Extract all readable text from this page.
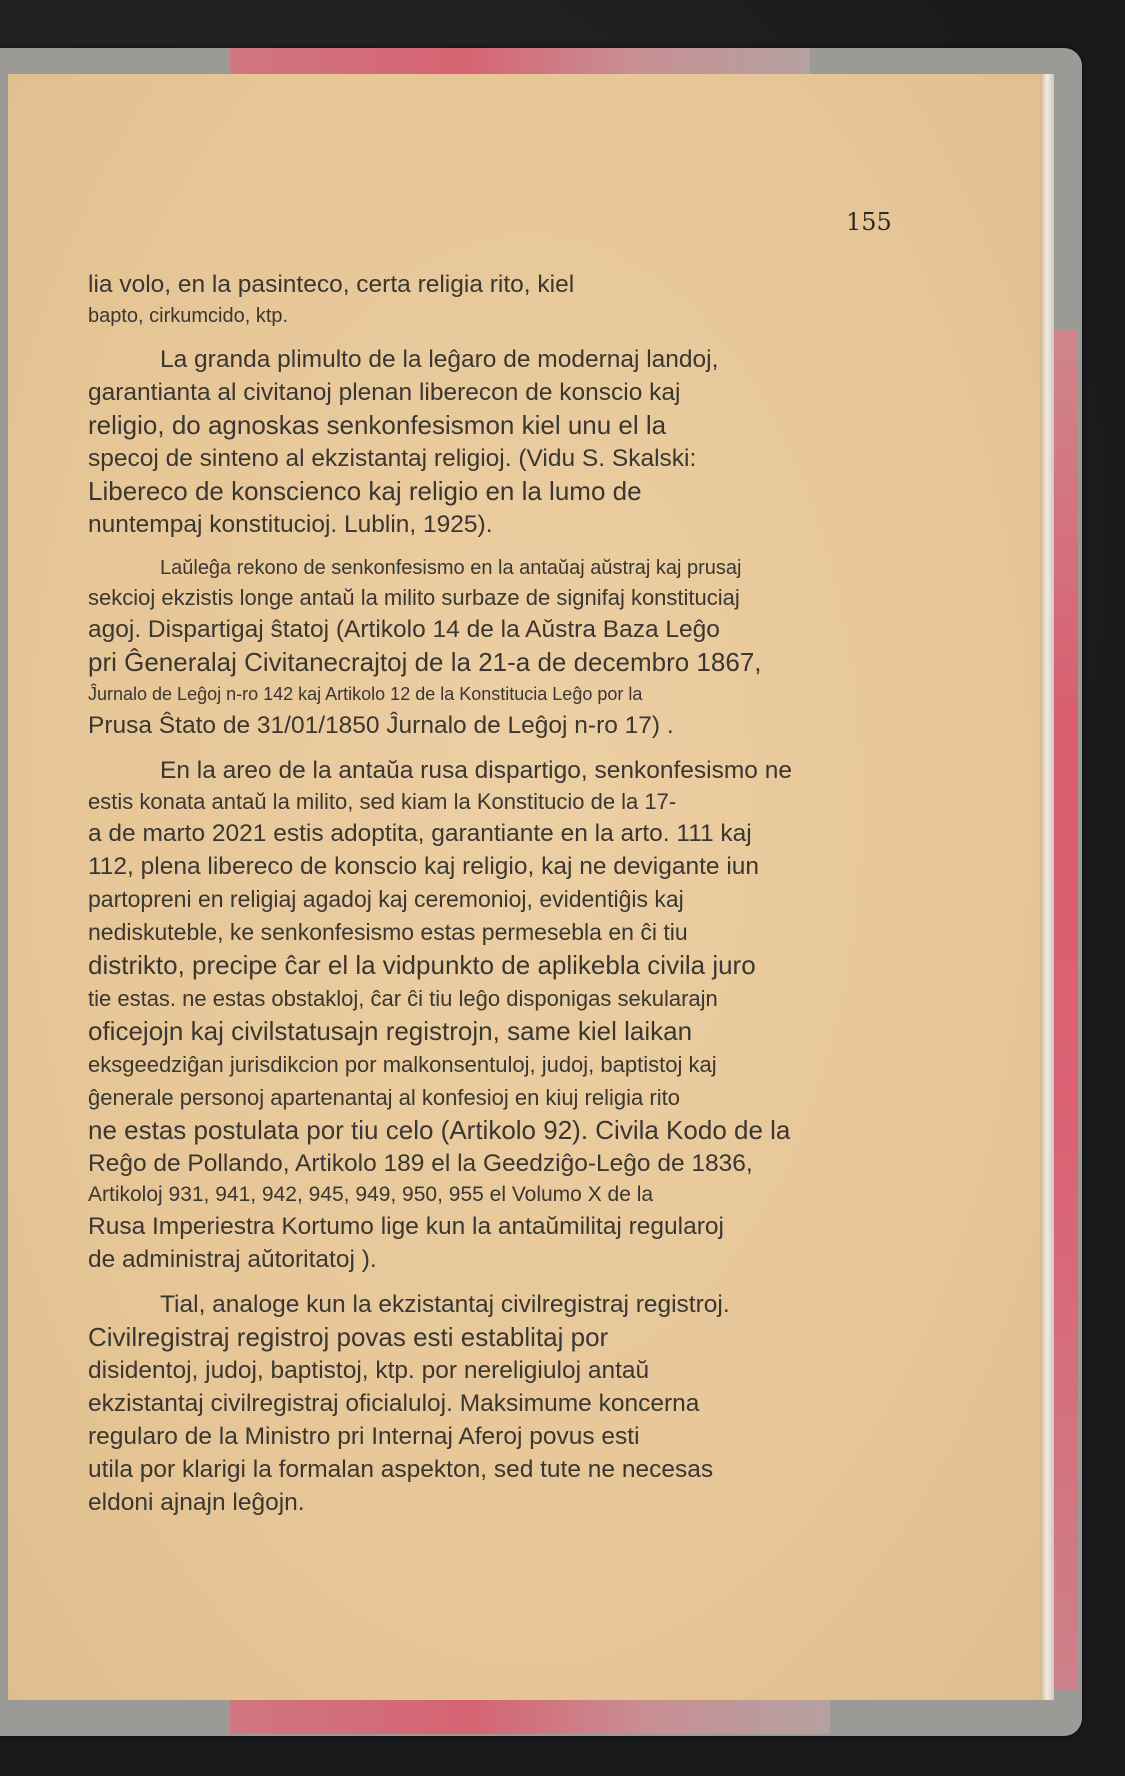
155
lia volo, en la pasinteco, certa religia rito, kiel
bapto, cirkumcido, ktp.
La granda plimulto de la leĝaro de modernaj landoj,
garantianta al civitanoj plenan liberecon de konscio kaj
religio, do agnoskas senkonfesismon kiel unu el la
specoj de sinteno al ekzistantaj religioj. (Vidu S. Skalski:
Libereco de konscienco kaj religio en la lumo de
nuntempaj konstitucioj. Lublin, 1925).
Laŭleĝa rekono de senkonfesismo en la antaŭaj aŭstraj kaj prusaj
sekcioj ekzistis longe antaŭ la milito surbaze de signifaj konstituciaj
agoj. Dispartigaj ŝtatoj (Artikolo 14 de la Aŭstra Baza Leĝo
pri Ĝeneralaj Civitanecrajtoj de la 21-a de decembro 1867,
Ĵurnalo de Leĝoj n-ro 142 kaj Artikolo 12 de la Konstitucia Leĝo por la
Prusa Ŝtato de 31/01/1850 Ĵurnalo de Leĝoj n-ro 17) .
En la areo de la antaŭa rusa dispartigo, senkonfesismo ne
estis konata antaŭ la milito, sed kiam la Konstitucio de la 17-
a de marto 2021 estis adoptita, garantiante en la arto. 111 kaj
112, plena libereco de konscio kaj religio, kaj ne devigante iun
partopreni en religiaj agadoj kaj ceremonioj, evidentiĝis kaj
nediskuteble, ke senkonfesismo estas permesebla en ĉi tiu
distrikto, precipe ĉar el la vidpunkto de aplikebla civila juro
tie estas. ne estas obstakloj, ĉar ĉi tiu leĝo disponigas sekularajn
oficejojn kaj civilstatusajn registrojn, same kiel laikan
eksgeedziĝan jurisdikcion por malkonsentuloj, judoj, baptistoj kaj
ĝenerale personoj apartenantaj al konfesioj en kiuj religia rito
ne estas postulata por tiu celo (Artikolo 92). Civila Kodo de la
Reĝo de Pollando, Artikolo 189 el la Geedziĝo-Leĝo de 1836,
Artikoloj 931, 941, 942, 945, 949, 950, 955 el Volumo X de la
Rusa Imperiestra Kortumo lige kun la antaŭmilitaj regularoj
de administraj aŭtoritatoj ).
Tial, analoge kun la ekzistantaj civilregistraj registroj.
Civilregistraj registroj povas esti establitaj por
disidentoj, judoj, baptistoj, ktp. por nereligiuloj antaŭ
ekzistantaj civilregistraj oficialuloj. Maksimume koncerna
regularo de la Ministro pri Internaj Aferoj povus esti
utila por klarigi la formalan aspekton, sed tute ne necesas
eldoni ajnajn leĝojn.
